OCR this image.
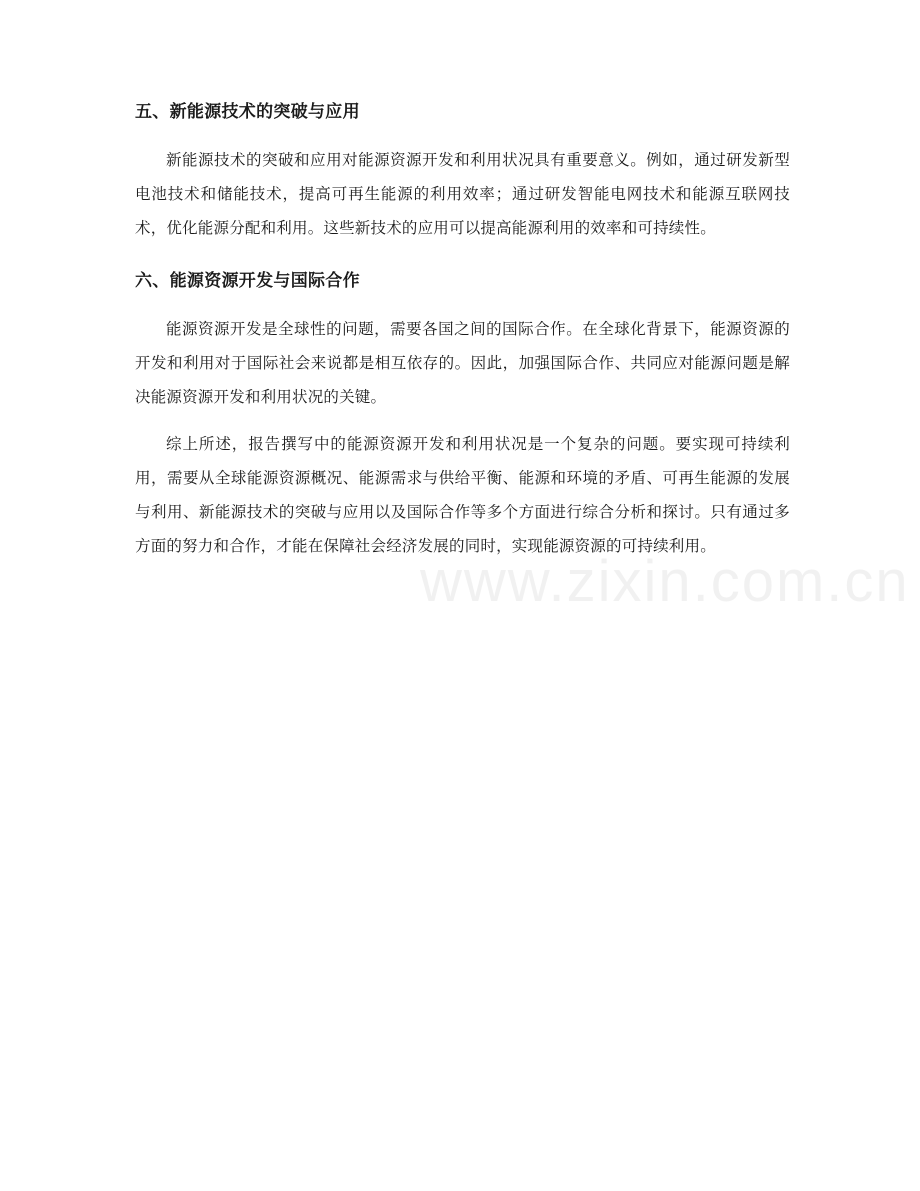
五、新能源技术的突破与应用

新能源技术的突破和应用对能源资源开发和利用状况具有重要意义。例如，通过研发新型电池技术和储能技术，提高可再生能源的利用效率；通过研发智能电网技术和能源互联网技术，优化能源分配和利用。这些新技术的应用可以提高能源利用的效率和可持续性。

六、能源资源开发与国际合作

能源资源开发是全球性的问题，需要各国之间的国际合作。在全球化背景下，能源资源的开发和利用对于国际社会来说都是相互依存的。因此，加强国际合作、共同应对能源问题是解决能源资源开发和利用状况的关键。

综上所述，报告撰写中的能源资源开发和利用状况是一个复杂的问题。要实现可持续利用，需要从全球能源资源概况、能源需求与供给平衡、能源和环境的矛盾、可再生能源的发展与利用、新能源技术的突破与应用以及国际合作等多个方面进行综合分析和探讨。只有通过多方面的努力和合作，才能在保障社会经济发展的同时，实现能源资源的可持续利用。

www.zixin.com.cn
